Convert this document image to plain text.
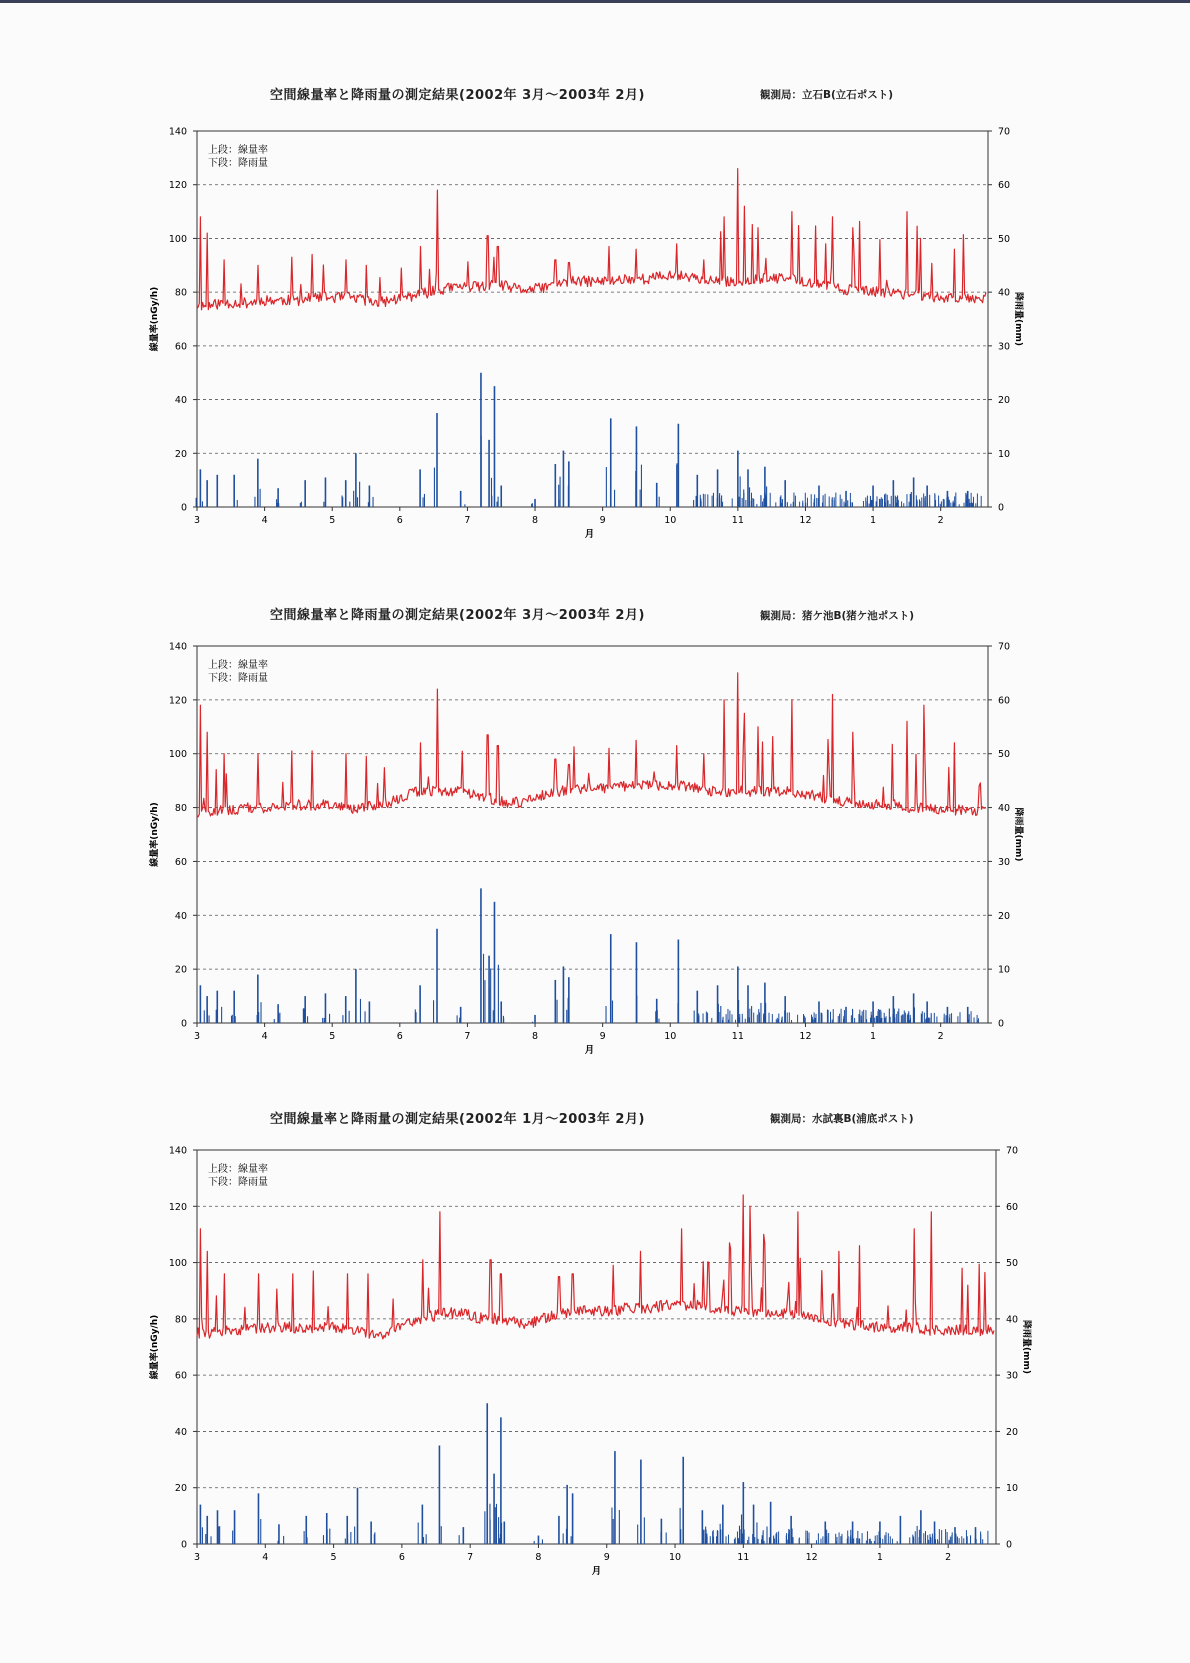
空間線量率と降雨量の測定結果(2002年 3月～2003年 2月)	観測局：立石B(立石ポスト)
140
120
100
80
60
40
20
0
70
60
50
40
30
20
10
0
3	4	5	6	7	8	9	10	11	12	1	2
月
線量率(nGy/h)	降雨量(mm)
上段：線量率
下段：降雨量
空間線量率と降雨量の測定結果(2002年 3月～2003年 2月)	観測局：猪ケ池B(猪ケ池ポスト)
140
120
100
80
60
40
20
0
70
60
50
40
30
20
10
0
3	4	5	6	7	8	9	10	11	12	1	2
月
線量率(nGy/h)	降雨量(mm)
上段：線量率
下段：降雨量
空間線量率と降雨量の測定結果(2002年 1月～2003年 2月)	観測局：水試裏B(浦底ポスト)
140
120
100
80
60
40
20
0
70
60
50
40
30
20
10
0
3	4	5	6	7	8	9	10	11	12	1	2
月
線量率(nGy/h)	降雨量(mm)
上段：線量率
下段：降雨量
